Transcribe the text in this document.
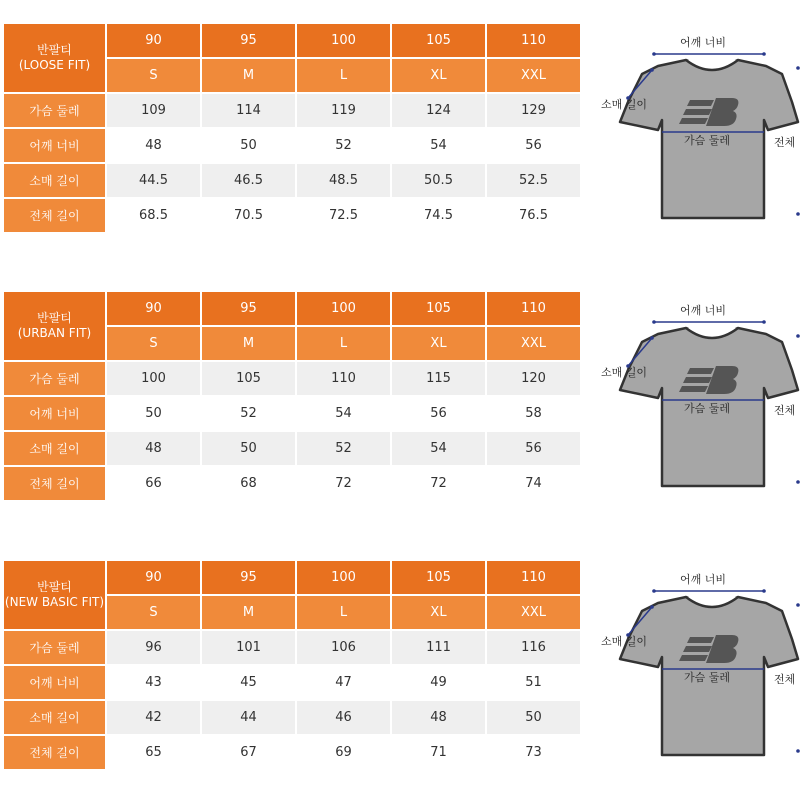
반팔티
(LOOSE FIT)	90	95	100	105	110
	S	M	L	XL	XXL
가슴 둘레	109	114	119	124	129
어깨 너비	48	50	52	54	56
소매 길이	44.5	46.5	48.5	50.5	52.5
전체 길이	68.5	70.5	72.5	74.5	76.5
어깨 너비
소매 길이
가슴 둘레	전체
반팔티
(URBAN FIT)	90	95	100	105	110
	S	M	L	XL	XXL
가슴 둘레	100	105	110	115	120
어깨 너비	50	52	54	56	58
소매 길이	48	50	52	54	56
전체 길이	66	68	72	72	74
어깨 너비
소매 길이
가슴 둘레	전체
반팔티
(NEW BASIC FIT)	90	95	100	105	110
	S	M	L	XL	XXL
가슴 둘레	96	101	106	111	116
어깨 너비	43	45	47	49	51
소매 길이	42	44	46	48	50
전체 길이	65	67	69	71	73
어깨 너비
소매 길이
가슴 둘레	전체
